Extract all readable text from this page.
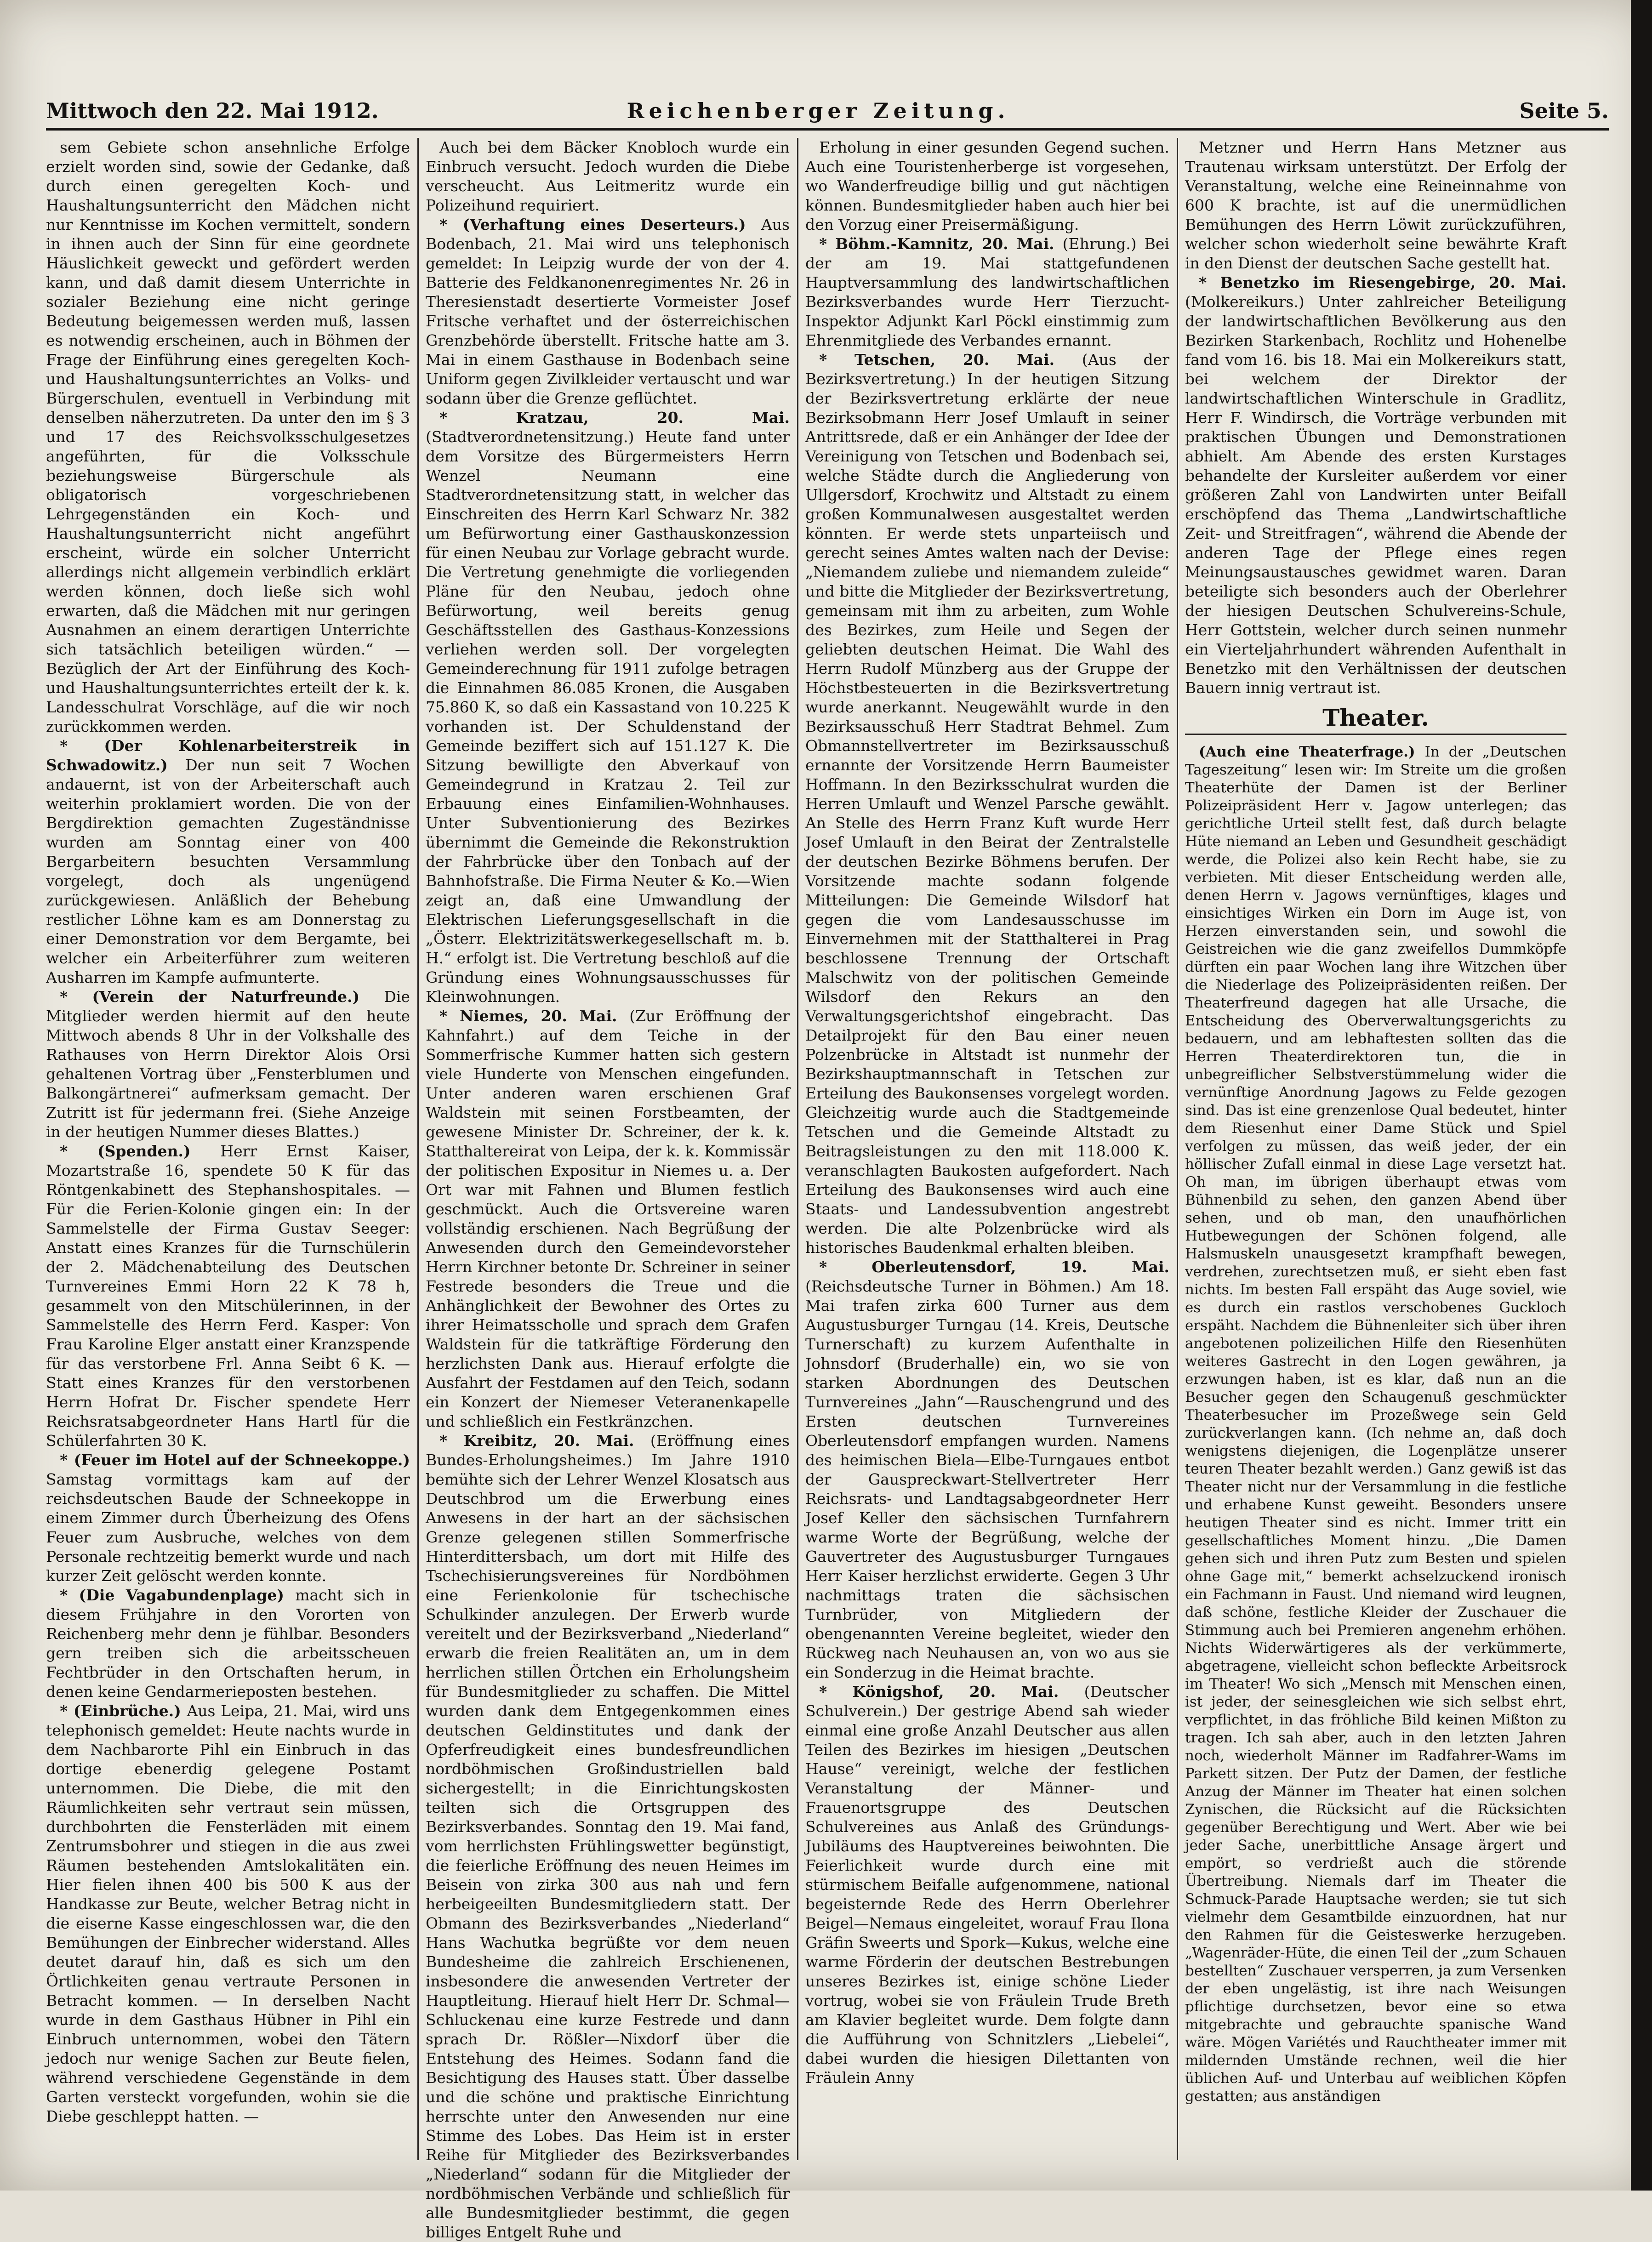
Mittwoch den 22. Mai 1912.	Reichenberger Zeitung.	Seite 5.

sem Gebiete schon ansehnliche Erfolge erzielt worden sind, sowie der Gedanke, daß durch einen geregelten Koch- und Haushaltungsunterricht den Mädchen nicht nur Kenntnisse im Kochen vermittelt, sondern in ihnen auch der Sinn für eine geordnete Häuslichkeit geweckt und gefördert werden kann, und daß damit diesem Unterrichte in sozialer Beziehung eine nicht geringe Bedeutung beigemessen werden muß, lassen es notwendig erscheinen, auch in Böhmen der Frage der Einführung eines geregelten Koch- und Haushaltungsunterrichtes an Volks- und Bürgerschulen, eventuell in Verbindung mit denselben näherzutreten. Da unter den im § 3 und 17 des Reichsvolksschulgesetzes angeführten, für die Volksschule beziehungsweise Bürgerschule als obligatorisch vorgeschriebenen Lehrgegenständen ein Koch- und Haushaltungsunterricht nicht angeführt erscheint, würde ein solcher Unterricht allerdings nicht allgemein verbindlich erklärt werden können, doch ließe sich wohl erwarten, daß die Mädchen mit nur geringen Ausnahmen an einem derartigen Unterrichte sich tatsächlich beteiligen würden.“ — Bezüglich der Art der Einführung des Koch- und Haushaltungsunterrichtes erteilt der k. k. Landesschulrat Vorschläge, auf die wir noch zurückkommen werden.

* (Der Kohlenarbeiterstreik in Schwadowitz.) Der nun seit 7 Wochen andauernt, ist von der Arbeiterschaft auch weiterhin proklamiert worden. Die von der Bergdirektion gemachten Zugeständnisse wurden am Sonntag einer von 400 Bergarbeitern besuchten Versammlung vorgelegt, doch als ungenügend zurückgewiesen. Anläßlich der Behebung restlicher Löhne kam es am Donnerstag zu einer Demonstration vor dem Bergamte, bei welcher ein Arbeiterführer zum weiteren Ausharren im Kampfe aufmunterte.

* (Verein der Naturfreunde.) Die Mitglieder werden hiermit auf den heute Mittwoch abends 8 Uhr in der Volkshalle des Rathauses von Herrn Direktor Alois Orsi gehaltenen Vortrag über „Fensterblumen und Balkongärtnerei“ aufmerksam gemacht. Der Zutritt ist für jedermann frei. (Siehe Anzeige in der heutigen Nummer dieses Blattes.)

* (Spenden.) Herr Ernst Kaiser, Mozartstraße 16, spendete 50 K für das Röntgenkabinett des Stephanshospitales. — Für die Ferien-Kolonie gingen ein: In der Sammelstelle der Firma Gustav Seeger: Anstatt eines Kranzes für die Turnschülerin der 2. Mädchenabteilung des Deutschen Turnvereines Emmi Horn 22 K 78 h, gesammelt von den Mitschülerinnen, in der Sammelstelle des Herrn Ferd. Kasper: Von Frau Karoline Elger anstatt einer Kranzspende für das verstorbene Frl. Anna Seibt 6 K. — Statt eines Kranzes für den verstorbenen Herrn Hofrat Dr. Fischer spendete Herr Reichsratsabgeordneter Hans Hartl für die Schülerfahrten 30 K.

* (Feuer im Hotel auf der Schneekoppe.) Samstag vormittags kam auf der reichsdeutschen Baude der Schneekoppe in einem Zimmer durch Überheizung des Ofens Feuer zum Ausbruche, welches von dem Personale rechtzeitig bemerkt wurde und nach kurzer Zeit gelöscht werden konnte.

* (Die Vagabundenplage) macht sich in diesem Frühjahre in den Vororten von Reichenberg mehr denn je fühlbar. Besonders gern treiben sich die arbeitsscheuen Fechtbrüder in den Ortschaften herum, in denen keine Gendarmerieposten bestehen.

* (Einbrüche.) Aus Leipa, 21. Mai, wird uns telephonisch gemeldet: Heute nachts wurde in dem Nachbarorte Pihl ein Einbruch in das dortige ebenerdig gelegene Postamt unternommen. Die Diebe, die mit den Räumlichkeiten sehr vertraut sein müssen, durchbohrten die Fensterläden mit einem Zentrumsbohrer und stiegen in die aus zwei Räumen bestehenden Amtslokalitäten ein. Hier fielen ihnen 400 bis 500 K aus der Handkasse zur Beute, welcher Betrag nicht in die eiserne Kasse eingeschlossen war, die den Bemühungen der Einbrecher widerstand. Alles deutet darauf hin, daß es sich um den Örtlichkeiten genau vertraute Personen in Betracht kommen. — In derselben Nacht wurde in dem Gasthaus Hübner in Pihl ein Einbruch unternommen, wobei den Tätern jedoch nur wenige Sachen zur Beute fielen, während verschiedene Gegenstände in dem Garten versteckt vorgefunden, wohin sie die Diebe geschleppt hatten. —

Auch bei dem Bäcker Knobloch wurde ein Einbruch versucht. Jedoch wurden die Diebe verscheucht. Aus Leitmeritz wurde ein Polizeihund requiriert.

* (Verhaftung eines Deserteurs.) Aus Bodenbach, 21. Mai wird uns telephonisch gemeldet: In Leipzig wurde der von der 4. Batterie des Feldkanonenregimentes Nr. 26 in Theresienstadt desertierte Vormeister Josef Fritsche verhaftet und der österreichischen Grenzbehörde überstellt. Fritsche hatte am 3. Mai in einem Gasthause in Bodenbach seine Uniform gegen Zivilkleider vertauscht und war sodann über die Grenze geflüchtet.

* Kratzau, 20. Mai. (Stadtverordnetensitzung.) Heute fand unter dem Vorsitze des Bürgermeisters Herrn Wenzel Neumann eine Stadtverordnetensitzung statt, in welcher das Einschreiten des Herrn Karl Schwarz Nr. 382 um Befürwortung einer Gasthauskonzession für einen Neubau zur Vorlage gebracht wurde. Die Vertretung genehmigte die vorliegenden Pläne für den Neubau, jedoch ohne Befürwortung, weil bereits genug Geschäftsstellen des Gasthaus-Konzessions verliehen werden soll. Der vorgelegten Gemeinderechnung für 1911 zufolge betragen die Einnahmen 86.085 Kronen, die Ausgaben 75.860 K, so daß ein Kassastand von 10.225 K vorhanden ist. Der Schuldenstand der Gemeinde beziffert sich auf 151.127 K. Die Sitzung bewilligte den Abverkauf von Gemeindegrund in Kratzau 2. Teil zur Erbauung eines Einfamilien-Wohnhauses. Unter Subventionierung des Bezirkes übernimmt die Gemeinde die Rekonstruktion der Fahrbrücke über den Tonbach auf der Bahnhofstraße. Die Firma Neuter & Ko.—Wien zeigt an, daß eine Umwandlung der Elektrischen Lieferungsgesellschaft in die „Österr. Elektrizitätswerkegesellschaft m. b. H.“ erfolgt ist. Die Vertretung beschloß auf die Gründung eines Wohnungsausschusses für Kleinwohnungen.

* Niemes, 20. Mai. (Zur Eröffnung der Kahnfahrt.) auf dem Teiche in der Sommerfrische Kummer hatten sich gestern viele Hunderte von Menschen eingefunden. Unter anderen waren erschienen Graf Waldstein mit seinen Forstbeamten, der gewesene Minister Dr. Schreiner, der k. k. Statthaltereirat von Leipa, der k. k. Kommissär der politischen Expositur in Niemes u. a. Der Ort war mit Fahnen und Blumen festlich geschmückt. Auch die Ortsvereine waren vollständig erschienen. Nach Begrüßung der Anwesenden durch den Gemeindevorsteher Herrn Kirchner betonte Dr. Schreiner in seiner Festrede besonders die Treue und die Anhänglichkeit der Bewohner des Ortes zu ihrer Heimatsscholle und sprach dem Grafen Waldstein für die tatkräftige Förderung den herzlichsten Dank aus. Hierauf erfolgte die Ausfahrt der Festdamen auf den Teich, sodann ein Konzert der Niemeser Veteranenkapelle und schließlich ein Festkränzchen.

* Kreibitz, 20. Mai. (Eröffnung eines Bundes-Erholungsheimes.) Im Jahre 1910 bemühte sich der Lehrer Wenzel Klosatsch aus Deutschbrod um die Erwerbung eines Anwesens in der hart an der sächsischen Grenze gelegenen stillen Sommerfrische Hinterdittersbach, um dort mit Hilfe des Tschechisierungsvereines für Nordböhmen eine Ferienkolonie für tschechische Schulkinder anzulegen. Der Erwerb wurde vereitelt und der Bezirksverband „Niederland“ erwarb die freien Realitäten an, um in dem herrlichen stillen Örtchen ein Erholungsheim für Bundesmitglieder zu schaffen. Die Mittel wurden dank dem Entgegenkommen eines deutschen Geldinstitutes und dank der Opferfreudigkeit eines bundesfreundlichen nordböhmischen Großindustriellen bald sichergestellt; in die Einrichtungskosten teilten sich die Ortsgruppen des Bezirksverbandes. Sonntag den 19. Mai fand, vom herrlichsten Frühlingswetter begünstigt, die feierliche Eröffnung des neuen Heimes im Beisein von zirka 300 aus nah und fern herbeigeeilten Bundesmitgliedern statt. Der Obmann des Bezirksverbandes „Niederland“ Hans Wachutka begrüßte vor dem neuen Bundesheime die zahlreich Erschienenen, insbesondere die anwesenden Vertreter der Hauptleitung. Hierauf hielt Herr Dr. Schmal—Schluckenau eine kurze Festrede und dann sprach Dr. Rößler—Nixdorf über die Entstehung des Heimes. Sodann fand die Besichtigung des Hauses statt. Über dasselbe und die schöne und praktische Einrichtung herrschte unter den Anwesenden nur eine Stimme des Lobes. Das Heim ist in erster Reihe für Mitglieder des Bezirksverbandes „Niederland“ sodann für die Mitglieder der nordböhmischen Verbände und schließlich für alle Bundesmitglieder bestimmt, die gegen billiges Entgelt Ruhe und

Erholung in einer gesunden Gegend suchen. Auch eine Touristenherberge ist vorgesehen, wo Wanderfreudige billig und gut nächtigen können. Bundesmitglieder haben auch hier bei den Vorzug einer Preisermäßigung.

* Böhm.-Kamnitz, 20. Mai. (Ehrung.) Bei der am 19. Mai stattgefundenen Hauptversammlung des landwirtschaftlichen Bezirksverbandes wurde Herr Tierzucht-Inspektor Adjunkt Karl Pöckl einstimmig zum Ehrenmitgliede des Verbandes ernannt.

* Tetschen, 20. Mai. (Aus der Bezirksvertretung.) In der heutigen Sitzung der Bezirksvertretung erklärte der neue Bezirksobmann Herr Josef Umlauft in seiner Antrittsrede, daß er ein Anhänger der Idee der Vereinigung von Tetschen und Bodenbach sei, welche Städte durch die Angliederung von Ullgersdorf, Krochwitz und Altstadt zu einem großen Kommunalwesen ausgestaltet werden könnten. Er werde stets unparteiisch und gerecht seines Amtes walten nach der Devise: „Niemandem zuliebe und niemandem zuleide“ und bitte die Mitglieder der Bezirksvertretung, gemeinsam mit ihm zu arbeiten, zum Wohle des Bezirkes, zum Heile und Segen der geliebten deutschen Heimat. Die Wahl des Herrn Rudolf Münzberg aus der Gruppe der Höchstbesteuerten in die Bezirksvertretung wurde anerkannt. Neugewählt wurde in den Bezirksausschuß Herr Stadtrat Behmel. Zum Obmannstellvertreter im Bezirksausschuß ernannte der Vorsitzende Herrn Baumeister Hoffmann. In den Bezirksschulrat wurden die Herren Umlauft und Wenzel Parsche gewählt. An Stelle des Herrn Franz Kuft wurde Herr Josef Umlauft in den Beirat der Zentralstelle der deutschen Bezirke Böhmens berufen. Der Vorsitzende machte sodann folgende Mitteilungen: Die Gemeinde Wilsdorf hat gegen die vom Landesausschusse im Einvernehmen mit der Statthalterei in Prag beschlossene Trennung der Ortschaft Malschwitz von der politischen Gemeinde Wilsdorf den Rekurs an den Verwaltungsgerichtshof eingebracht. Das Detailprojekt für den Bau einer neuen Polzenbrücke in Altstadt ist nunmehr der Bezirkshauptmannschaft in Tetschen zur Erteilung des Baukonsenses vorgelegt worden. Gleichzeitig wurde auch die Stadtgemeinde Tetschen und die Gemeinde Altstadt zu Beitragsleistungen zu den mit 118.000 K. veranschlagten Baukosten aufgefordert. Nach Erteilung des Baukonsenses wird auch eine Staats- und Landessubvention angestrebt werden. Die alte Polzenbrücke wird als historisches Baudenkmal erhalten bleiben.

* Oberleutensdorf, 19. Mai. (Reichsdeutsche Turner in Böhmen.) Am 18. Mai trafen zirka 600 Turner aus dem Augustusburger Turngau (14. Kreis, Deutsche Turnerschaft) zu kurzem Aufenthalte in Johnsdorf (Bruderhalle) ein, wo sie von starken Abordnungen des Deutschen Turnvereines „Jahn“—Rauschengrund und des Ersten deutschen Turnvereines Oberleutensdorf empfangen wurden. Namens des heimischen Biela—Elbe-Turngaues entbot der Gauspreckwart-Stellvertreter Herr Reichsrats- und Landtagsabgeordneter Herr Josef Keller den sächsischen Turnfahrern warme Worte der Begrüßung, welche der Gauvertreter des Augustusburger Turngaues Herr Kaiser herzlichst erwiderte. Gegen 3 Uhr nachmittags traten die sächsischen Turnbrüder, von Mitgliedern der obengenannten Vereine begleitet, wieder den Rückweg nach Neuhausen an, von wo aus sie ein Sonderzug in die Heimat brachte.

* Königshof, 20. Mai. (Deutscher Schulverein.) Der gestrige Abend sah wieder einmal eine große Anzahl Deutscher aus allen Teilen des Bezirkes im hiesigen „Deutschen Hause“ vereinigt, welche der festlichen Veranstaltung der Männer- und Frauenortsgruppe des Deutschen Schulvereines aus Anlaß des Gründungs-Jubiläums des Hauptvereines beiwohnten. Die Feierlichkeit wurde durch eine mit stürmischem Beifalle aufgenommene, national begeisternde Rede des Herrn Oberlehrer Beigel—Nemaus eingeleitet, worauf Frau Ilona Gräfin Sweerts und Spork—Kukus, welche eine warme Förderin der deutschen Bestrebungen unseres Bezirkes ist, einige schöne Lieder vortrug, wobei sie von Fräulein Trude Breth am Klavier begleitet wurde. Dem folgte dann die Aufführung von Schnitzlers „Liebelei“, dabei wurden die hiesigen Dilettanten von Fräulein Anny

Metzner und Herrn Hans Metzner aus Trautenau wirksam unterstützt. Der Erfolg der Veranstaltung, welche eine Reineinnahme von 600 K brachte, ist auf die unermüdlichen Bemühungen des Herrn Löwit zurückzuführen, welcher schon wiederholt seine bewährte Kraft in den Dienst der deutschen Sache gestellt hat.

* Benetzko im Riesengebirge, 20. Mai. (Molkereikurs.) Unter zahlreicher Beteiligung der landwirtschaftlichen Bevölkerung aus den Bezirken Starkenbach, Rochlitz und Hohenelbe fand vom 16. bis 18. Mai ein Molkereikurs statt, bei welchem der Direktor der landwirtschaftlichen Winterschule in Gradlitz, Herr F. Windirsch, die Vorträge verbunden mit praktischen Übungen und Demonstrationen abhielt. Am Abende des ersten Kurstages behandelte der Kursleiter außerdem vor einer größeren Zahl von Landwirten unter Beifall erschöpfend das Thema „Landwirtschaftliche Zeit- und Streitfragen“, während die Abende der anderen Tage der Pflege eines regen Meinungsaustausches gewidmet waren. Daran beteiligte sich besonders auch der Oberlehrer der hiesigen Deutschen Schulvereins-Schule, Herr Gottstein, welcher durch seinen nunmehr ein Vierteljahrhundert währenden Aufenthalt in Benetzko mit den Verhältnissen der deutschen Bauern innig vertraut ist.

Theater.

(Auch eine Theaterfrage.) In der „Deutschen Tageszeitung“ lesen wir: Im Streite um die großen Theaterhüte der Damen ist der Berliner Polizeipräsident Herr v. Jagow unterlegen; das gerichtliche Urteil stellt fest, daß durch belagte Hüte niemand an Leben und Gesundheit geschädigt werde, die Polizei also kein Recht habe, sie zu verbieten. Mit dieser Entscheidung werden alle, denen Herrn v. Jagows vernünftiges, klages und einsichtiges Wirken ein Dorn im Auge ist, von Herzen einverstanden sein, und sowohl die Geistreichen wie die ganz zweifellos Dummköpfe dürften ein paar Wochen lang ihre Witzchen über die Niederlage des Polizeipräsidenten reißen. Der Theaterfreund dagegen hat alle Ursache, die Entscheidung des Oberverwaltungsgerichts zu bedauern, und am lebhaftesten sollten das die Herren Theaterdirektoren tun, die in unbegreiflicher Selbstverstümmelung wider die vernünftige Anordnung Jagows zu Felde gezogen sind. Das ist eine grenzenlose Qual bedeutet, hinter dem Riesenhut einer Dame Stück und Spiel verfolgen zu müssen, das weiß jeder, der ein höllischer Zufall einmal in diese Lage versetzt hat. Oh man, im übrigen überhaupt etwas vom Bühnenbild zu sehen, den ganzen Abend über sehen, und ob man, den unaufhörlichen Hutbewegungen der Schönen folgend, alle Halsmuskeln unausgesetzt krampfhaft bewegen, verdrehen, zurechtsetzen muß, er sieht eben fast nichts. Im besten Fall erspäht das Auge soviel, wie es durch ein rastlos verschobenes Guckloch erspäht. Nachdem die Bühnenleiter sich über ihren angebotenen polizeilichen Hilfe den Riesenhüten weiteres Gastrecht in den Logen gewähren, ja erzwungen haben, ist es klar, daß nun an die Besucher gegen den Schaugenuß geschmückter Theaterbesucher im Prozeßwege sein Geld zurückverlangen kann. (Ich nehme an, daß doch wenigstens diejenigen, die Logenplätze unserer teuren Theater bezahlt werden.) Ganz gewiß ist das Theater nicht nur der Versammlung in die festliche und erhabene Kunst geweiht. Besonders unsere heutigen Theater sind es nicht. Immer tritt ein gesellschaftliches Moment hinzu. „Die Damen gehen sich und ihren Putz zum Besten und spielen ohne Gage mit,“ bemerkt achselzuckend ironisch ein Fachmann in Faust. Und niemand wird leugnen, daß schöne, festliche Kleider der Zuschauer die Stimmung auch bei Premieren angenehm erhöhen. Nichts Widerwärtigeres als der verkümmerte, abgetragene, vielleicht schon befleckte Arbeitsrock im Theater! Wo sich „Mensch mit Menschen einen, ist jeder, der seinesgleichen wie sich selbst ehrt, verpflichtet, in das fröhliche Bild keinen Mißton zu tragen. Ich sah aber, auch in den letzten Jahren noch, wiederholt Männer im Radfahrer-Wams im Parkett sitzen. Der Putz der Damen, der festliche Anzug der Männer im Theater hat einen solchen Zynischen, die Rücksicht auf die Rücksichten gegenüber Berechtigung und Wert. Aber wie bei jeder Sache, unerbittliche Ansage ärgert und empört, so verdrießt auch die störende Übertreibung. Niemals darf im Theater die Schmuck-Parade Hauptsache werden; sie tut sich vielmehr dem Gesamtbilde einzuordnen, hat nur den Rahmen für die Geisteswerke herzugeben. „Wagenräder-Hüte, die einen Teil der „zum Schauen bestellten“ Zuschauer versperren, ja zum Versenken der eben ungelästig, ist ihre nach Weisungen pflichtige durchsetzen, bevor eine so etwa mitgebrachte und gebrauchte spanische Wand wäre. Mögen Variétés und Rauchtheater immer mit mildernden Umstände rechnen, weil die hier üblichen Auf- und Unterbau auf weiblichen Köpfen gestatten; aus anständigen
